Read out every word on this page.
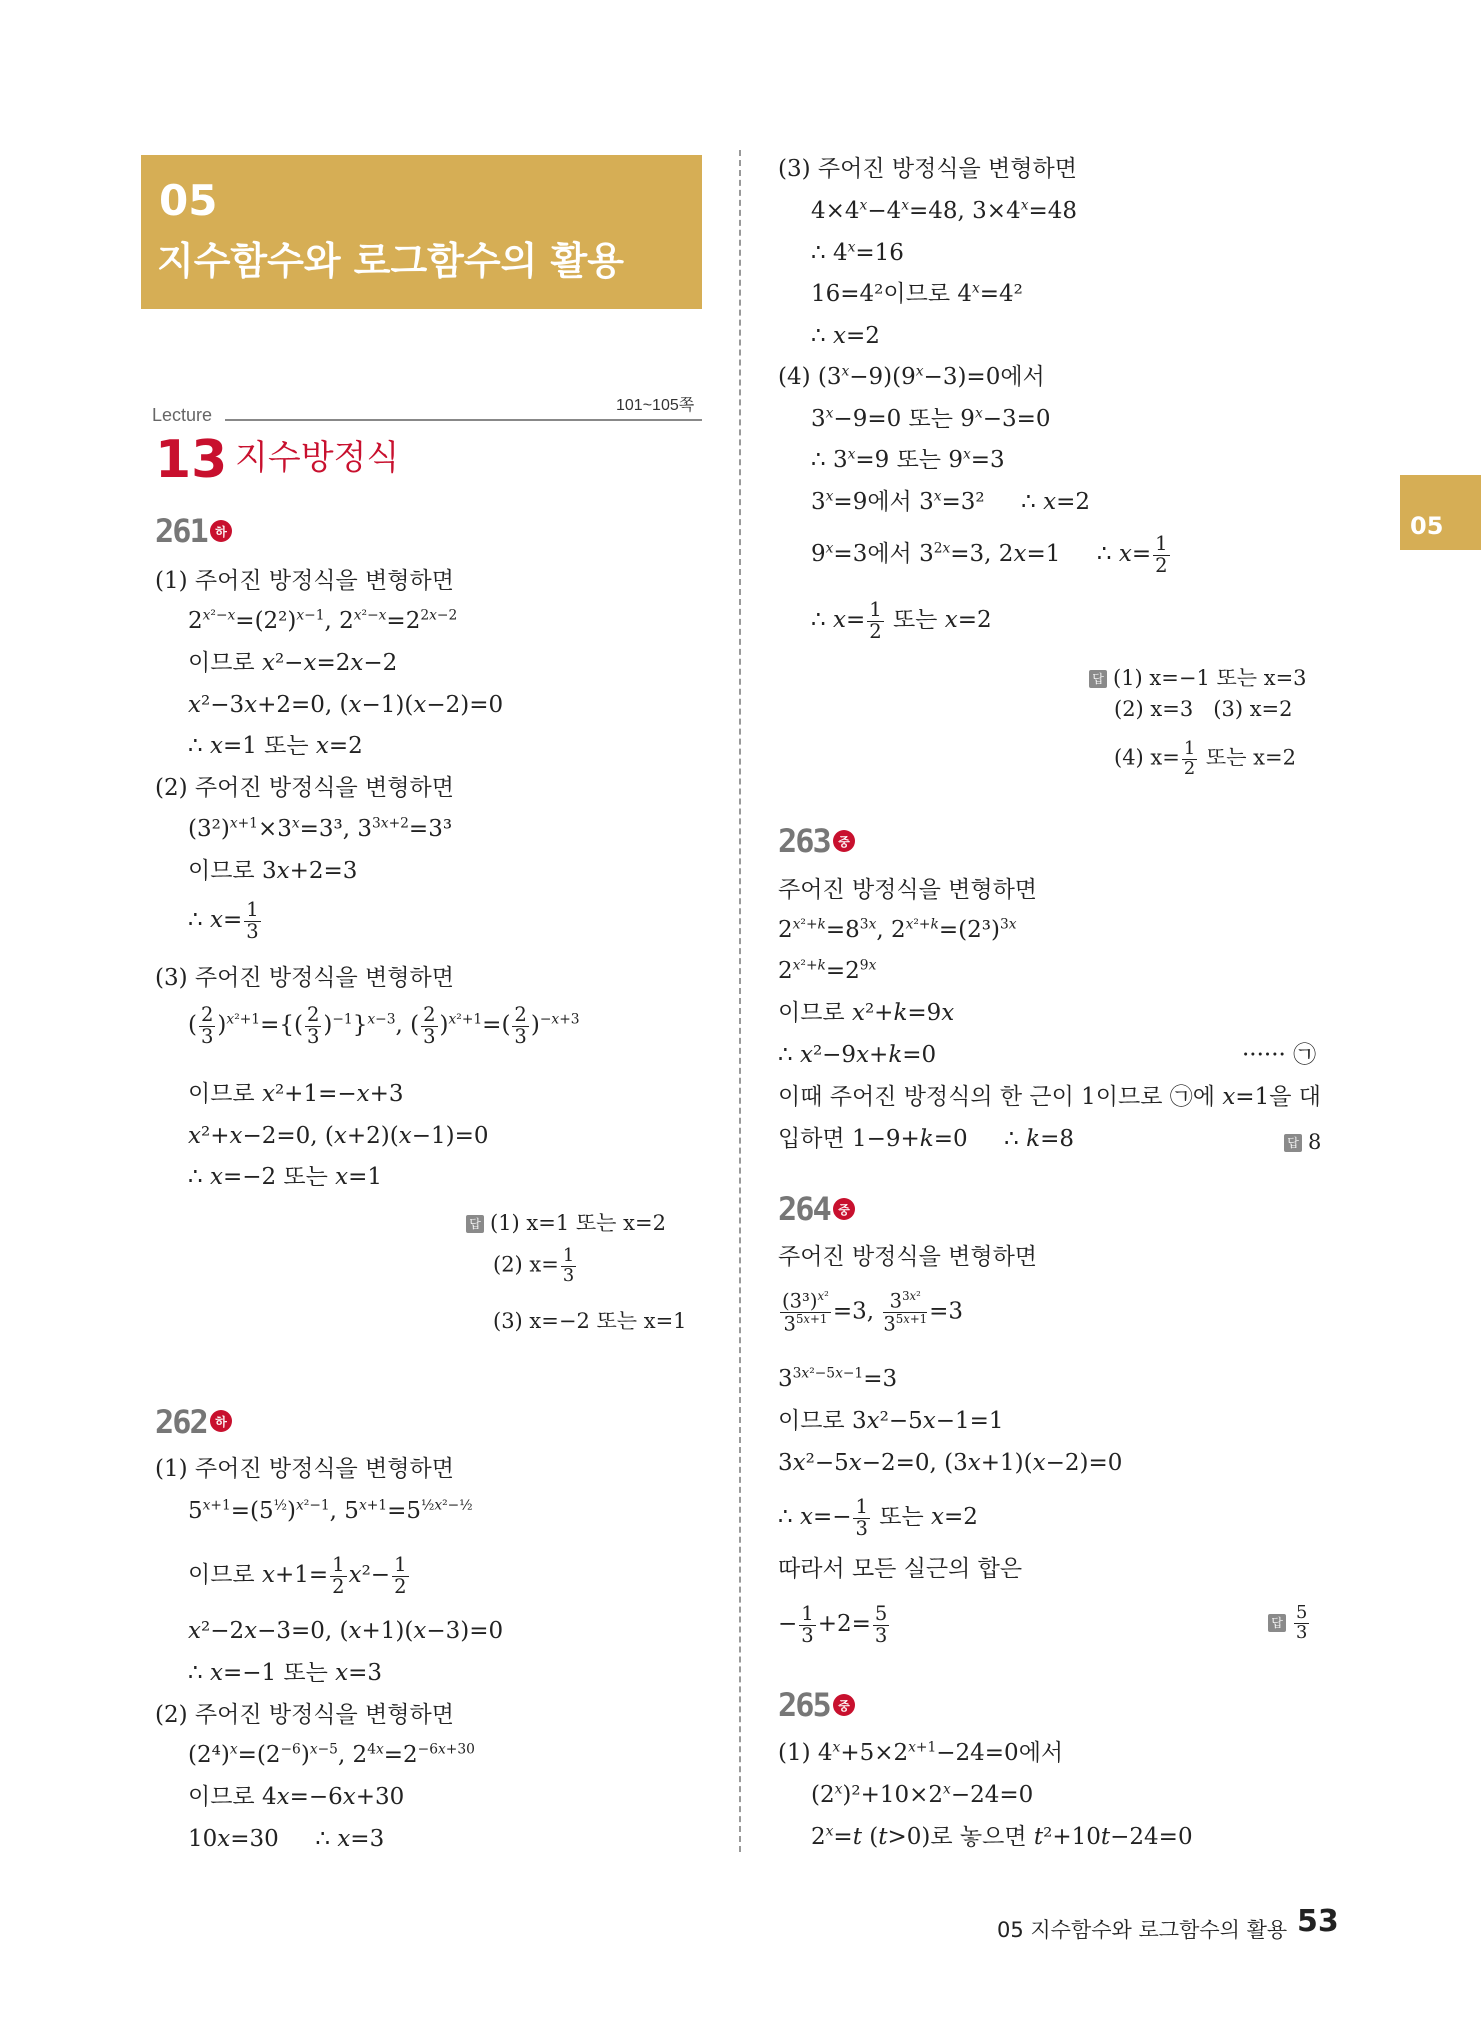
05
지수함수와 로그함수의 활용
Lecture	101~105쪽
13 지수방정식
05
261 하
(1) 주어진 방정식을 변형하면
$2^{x^2-x}=(2^2)^{x-1}$, $2^{x^2-x}=2^{2x-2}$
이므로 x²−x=2x−2
x²−3x+2=0, (x−1)(x−2)=0
∴ x=1 또는 x=2
(2) 주어진 방정식을 변형하면
$(3^2)^{x+1}\times 3^x=3^3$, $3^{3x+2}=3^3$
이므로 3x+2=3
∴ $x= \frac{1}{3}$
(3) 주어진 방정식을 변형하면
( $\frac{2}{3} )^{x^2+1}=\{( \frac{2}{3} )^{-1}\}^{x-3}$, ( $\frac{2}{3} )^{x^2+1}=( \frac{2}{3} )^{-x+3}$
이므로 x²+1=−x+3
x²+x−2=0, (x+2)(x−1)=0
∴ x=−2 또는 x=1
답 (1) x=1 또는 x=2
(2) $x= \frac{1}{3}$
(3) x=−2 또는 x=1
262 하
(1) 주어진 방정식을 변형하면
$5^{x+1}=(5^{\frac{1}{2}})^{x^2-1}$, $5^{x+1}=5^{\frac{1}{2}x^2-\frac{1}{2}}$
이므로 $x+1= \frac{1}{2} x^2- \frac{1}{2}$
x²−2x−3=0, (x+1)(x−3)=0
∴ x=−1 또는 x=3
(2) 주어진 방정식을 변형하면
$(2^4)^x=(2^{-6})^{x-5}$, $2^{4x}=2^{-6x+30}$
이므로 4x=−6x+30
10x=30     ∴ x=3
(3) 주어진 방정식을 변형하면
$4\times 4^x-4^x=48$, $3\times 4^x=48$
∴ $4^x=16$
16=4²이므로 $4^x=4^2$
∴ x=2
(4) $(3^x-9)(9^x-3)=0$에서
$3^x-9=0$ 또는 $9^x-3=0$
∴ $3^x=9$ 또는 $9^x=3$
$3^x=9$에서 $3^x=3^2$     ∴ x=2
$9^x=3$에서 $3^{2x}=3$, 2x=1     ∴ $x= \frac{1}{2}$
∴ $x= \frac{1}{2}$ 또는 x=2
답 (1) x=−1 또는 x=3
(2) x=3 (3) x=2
(4) $x= \frac{1}{2}$ 또는 x=2
263 중
주어진 방정식을 변형하면
$2^{x^2+k}=8^{3x}$, $2^{x^2+k}=(2^3)^{3x}$
$2^{x^2+k}=2^{9x}$
이므로 x²+k=9x
∴ x²−9x+k=0	······ ㉠
이때 주어진 방정식의 한 근이 1이므로 ㉠에 x=1을 대
입하면 1−9+k=0     ∴ k=8	답 8
264 중
주어진 방정식을 변형하면
$\frac{(3^3)^{x^2}}{3^{5x+1}} =3$, $\frac{3^{3x^2}}{3^{5x+1}} =3$
$3^{3x^2-5x-1}=3$
이므로 3x²−5x−1=1
3x²−5x−2=0, (3x+1)(x−2)=0
∴ $x=- \frac{1}{3}$ 또는 x=2
따라서 모든 실근의 합은
− $\frac{1}{3} +2= \frac{5}{3}$	답 $\frac{5}{3}$
265 중
(1) $4^x+5\times 2^{x+1}-24=0$에서
$(2^x)^2+10\times 2^x-24=0$
$2^x=t$ (t>0)로 놓으면 t²+10t−24=0
05 지수함수와 로그함수의 활용 53
